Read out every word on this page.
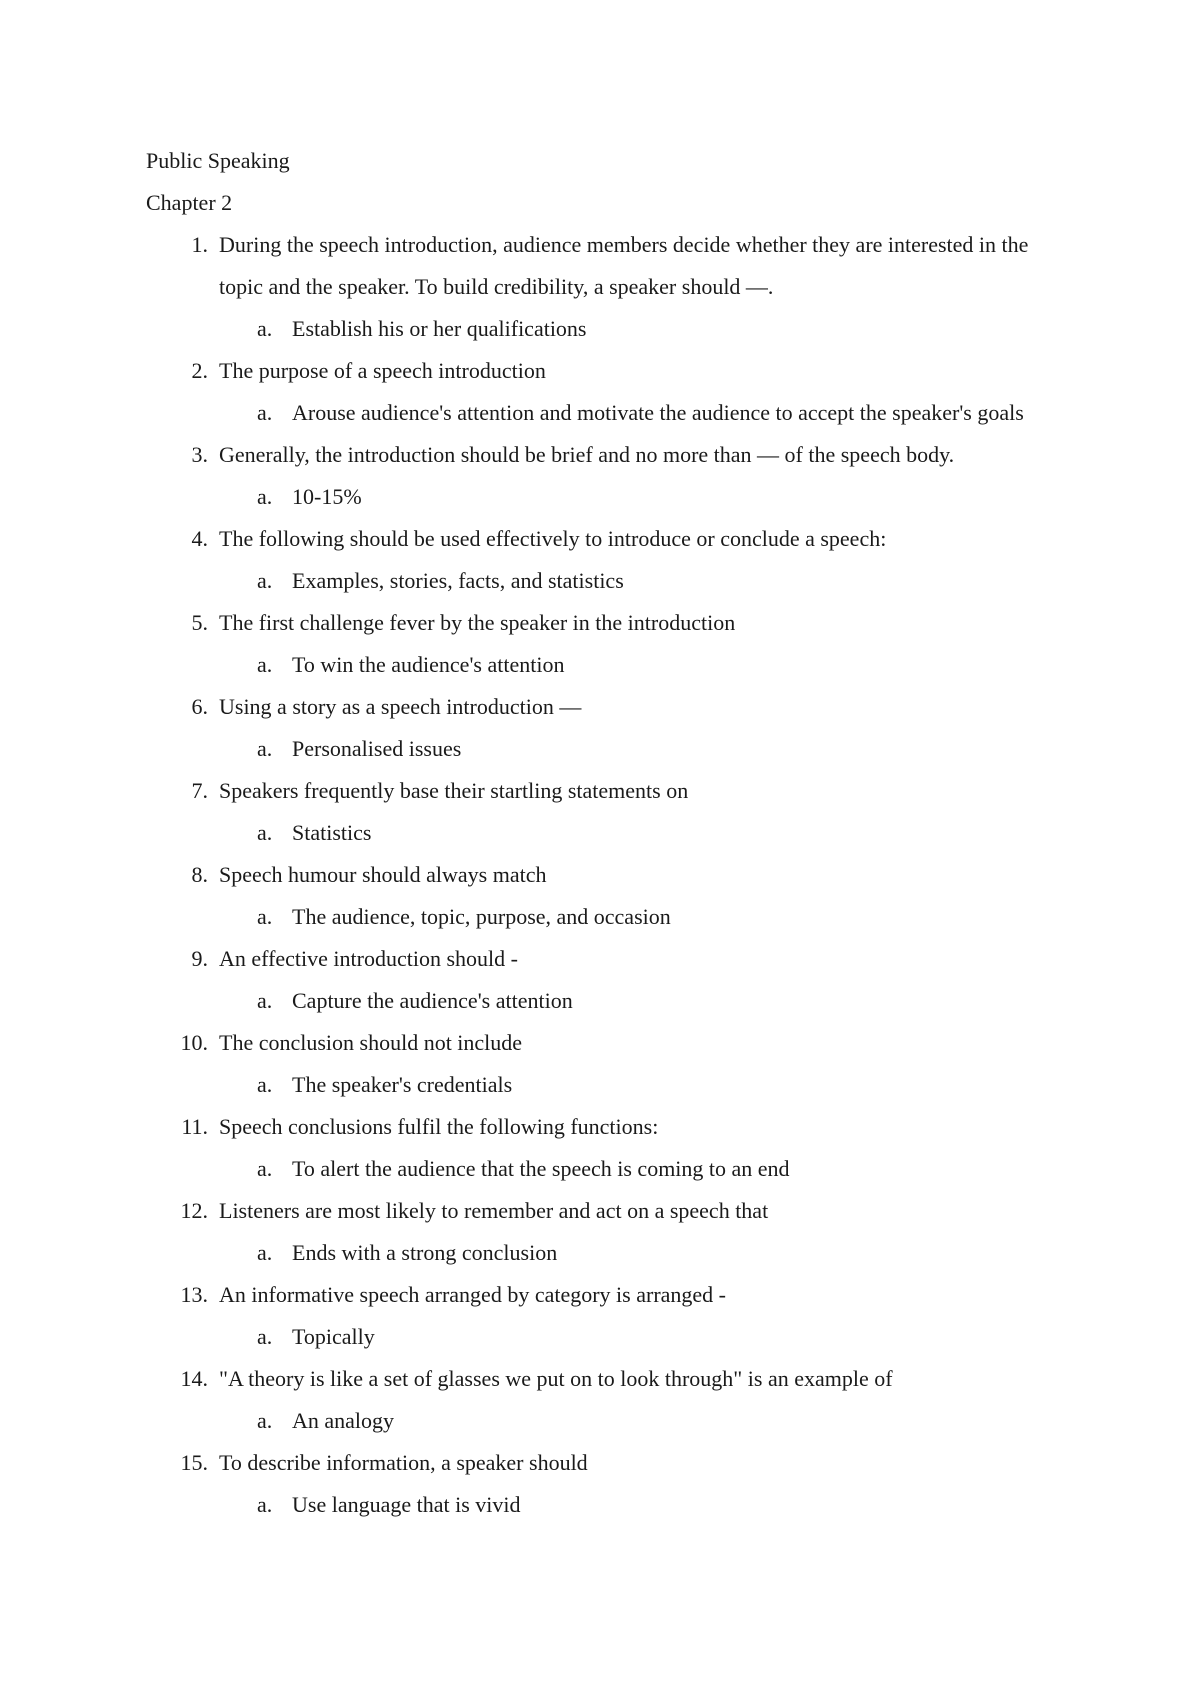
Public Speaking

Chapter 2

1. During the speech introduction, audience members decide whether they are interested in the topic and the speaker. To build credibility, a speaker should —.
a. Establish his or her qualifications
2. The purpose of a speech introduction
a. Arouse audience's attention and motivate the audience to accept the speaker's goals
3. Generally, the introduction should be brief and no more than — of the speech body.
a. 10-15%
4. The following should be used effectively to introduce or conclude a speech:
a. Examples, stories, facts, and statistics
5. The first challenge fever by the speaker in the introduction
a. To win the audience's attention
6. Using a story as a speech introduction —
a. Personalised issues
7. Speakers frequently base their startling statements on
a. Statistics
8. Speech humour should always match
a. The audience, topic, purpose, and occasion
9. An effective introduction should -
a. Capture the audience's attention
10. The conclusion should not include
a. The speaker's credentials
11. Speech conclusions fulfil the following functions:
a. To alert the audience that the speech is coming to an end
12. Listeners are most likely to remember and act on a speech that
a. Ends with a strong conclusion
13. An informative speech arranged by category is arranged -
a. Topically
14. "A theory is like a set of glasses we put on to look through" is an example of
a. An analogy
15. To describe information, a speaker should
a. Use language that is vivid
